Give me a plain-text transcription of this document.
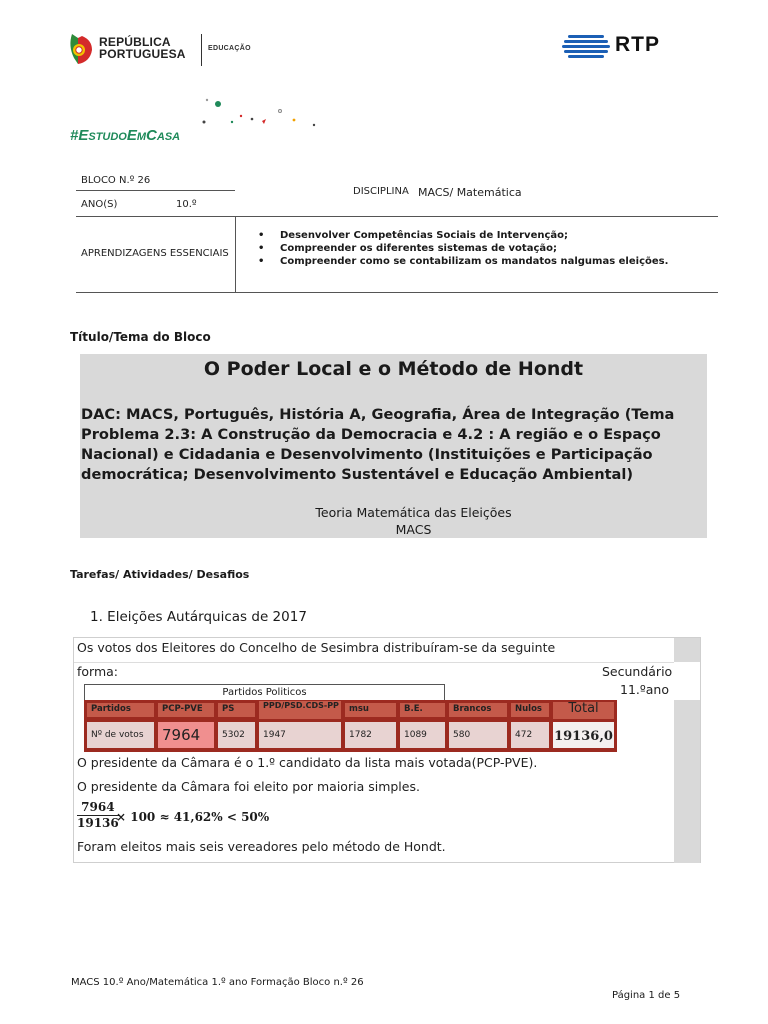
REPÚBLICA
PORTUGUESA	EDUCAÇÃO	RTP
#ESTUDOEMCASA
BLOCO N.º 26
ANO(S)	10.º
DISCIPLINA MACS/ Matemática
APRENDIZAGENS ESSENCIAIS
• Desenvolver Competências Sociais de Intervenção;
• Compreender os diferentes sistemas de votação;
• Compreender como se contabilizam os mandatos nalgumas eleições.
Título/Tema do Bloco
O Poder Local e o Método de Hondt
DAC: MACS, Português, História A, Geografia, Área de Integração (Tema
Problema 2.3: A Construção da Democracia e 4.2 : A região e o Espaço
Nacional) e Cidadania e Desenvolvimento (Instituições e Participação
democrática; Desenvolvimento Sustentável e Educação Ambiental)
Teoria Matemática das Eleições
MACS
Tarefas/ Atividades/ Desafios
1. Eleições Autárquicas de 2017
Os votos dos Eleitores do Concelho de Sesimbra distribuíram-se da seguinte
forma:	Secundário
11.ºano
Partidos Politicos
Partidos	PCP-PVE	PS	PPD/PSD.CDS-PP	msu	B.E.	Brancos	Nulos	Total
Nº de votos	7964	5302	1947	1782	1089	580	472	19136,0
O presidente da Câmara é o 1.º candidato da lista mais votada(PCP-PVE).
O presidente da Câmara foi eleito por maioria simples.
$\frac{7964}{19136}$
× 100 ≈ 41,62% < 50%
Foram eleitos mais seis vereadores pelo método de Hondt.
MACS 10.º Ano/Matemática 1.º ano Formação Bloco n.º 26
Página 1 de 5
